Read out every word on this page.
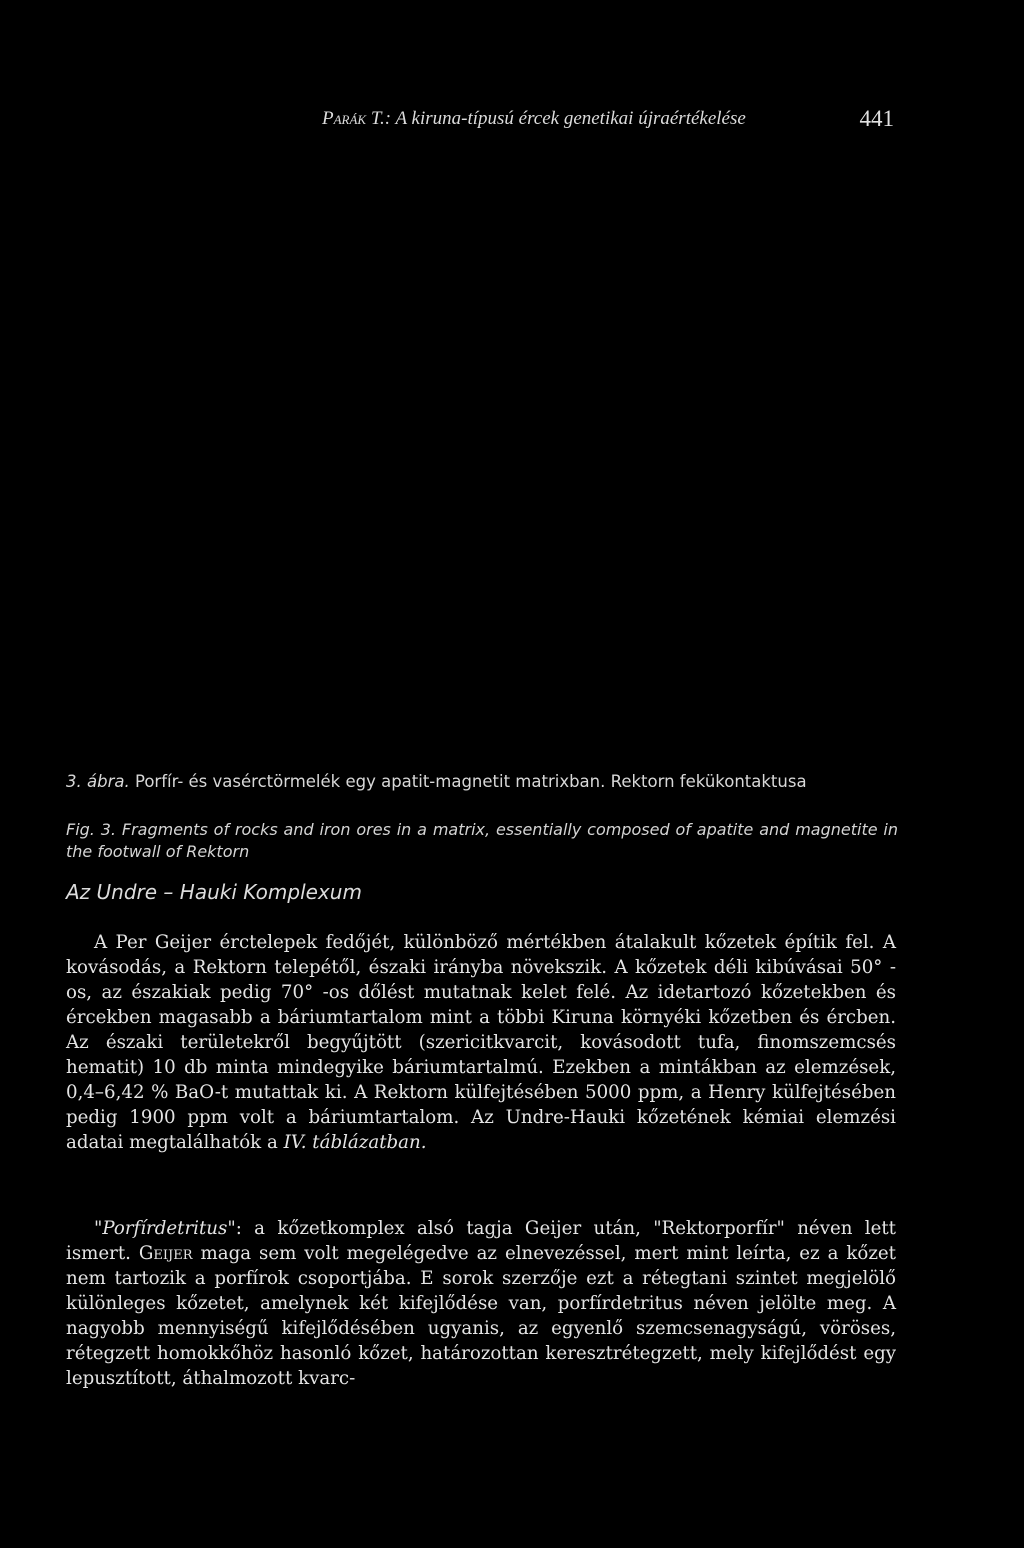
Parák T.: A kiruna-típusú ércek genetikai újraértékelése	441
3. ábra. Porfír- és vasérctörmelék egy apatit-magnetit matrixban. Rektorn fekükontaktusa
Fig. 3. Fragments of rocks and iron ores in a matrix, essentially composed of apatite and magnetite in the footwall of Rektorn
Az Undre – Hauki Komplexum

A Per Geijer érctelepek fedőjét, különböző mértékben átalakult kőzetek építik fel. A kovásodás, a Rektorn telepétől, északi irányba növekszik. A kőzetek déli kibúvásai 50° -os, az északiak pedig 70° -os dőlést mutatnak kelet felé. Az idetartozó kőzetekben és ércekben magasabb a báriumtartalom mint a többi Kiruna környéki kőzetben és ércben. Az északi területekről begyűjtött (szericitkvarcit, kovásodott tufa, finomszemcsés hematit) 10 db minta mindegyike báriumtartalmú. Ezekben a mintákban az elemzések, 0,4–6,42 % BaO-t mutattak ki. A Rektorn külfejtésében 5000 ppm, a Henry külfejtésében pedig 1900 ppm volt a báriumtartalom. Az Undre-Hauki kőzetének kémiai elemzési adatai megtalálhatók a IV. táblázatban.

"Porfírdetritus": a kőzetkomplex alsó tagja Geijer után, "Rektorporfír" néven lett ismert. Geijer maga sem volt megelégedve az elnevezéssel, mert mint leírta, ez a kőzet nem tartozik a porfírok csoportjába. E sorok szerzője ezt a rétegtani szintet megjelölő különleges kőzetet, amelynek két kifejlődése van, porfírdetritus néven jelölte meg. A nagyobb mennyiségű kifejlődésében ugyanis, az egyenlő szemcsenagyságú, vöröses, rétegzett homokkőhöz hasonló kőzet, határozottan keresztrétegzett, mely kifejlődést egy lepusztított, áthalmozott kvarc-
